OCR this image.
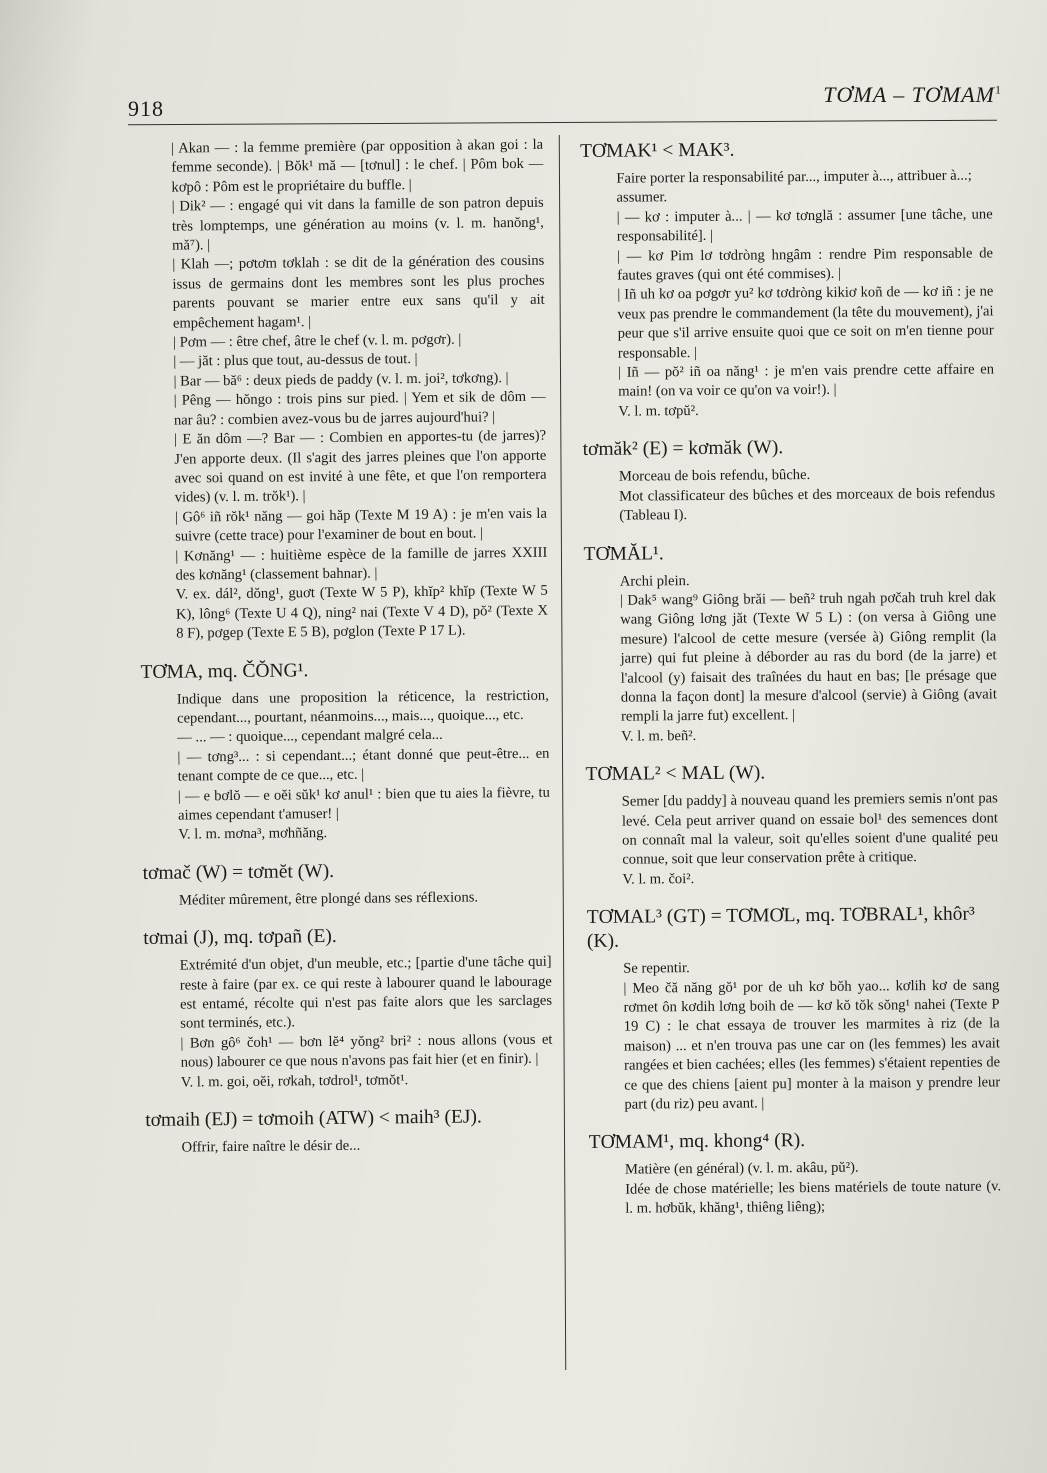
918
TƠMA – TƠMAM$^1$

| Akan — : la femme première (par opposition à akan goi : la femme seconde). | Bŏk¹ mă — [tơnul] : le chef. | Pôm bok — kơpô : Pôm est le propriétaire du buffle. |

| Dik² — : engagé qui vit dans la famille de son patron depuis très lomptemps, une génération au moins (v. l. m. hanŏng¹, mă⁷). |

| Klah —; pơtơm tơklah : se dit de la génération des cousins issus de germains dont les membres sont les plus proches parents pouvant se marier entre eux sans qu'il y ait empêchement hagam¹. |

| Pơm — : être chef, âtre le chef (v. l. m. pơgơr). |

| — jăt : plus que tout, au-dessus de tout. |

| Bar — bă⁶ : deux pieds de paddy (v. l. m. joi², tơkơng). |

| Pêng — hŏngo : trois pins sur pied. | Yem et sik de dôm — nar âu? : combien avez-vous bu de jarres aujourd'hui? |

| E ăn dôm —? Bar — : Combien en apportes-tu (de jarres)? J'en apporte deux. (Il s'agit des jarres pleines que l'on apporte avec soi quand on est invité à une fête, et que l'on remportera vides) (v. l. m. trŏk¹). |

| Gô⁶ iñ rŏk¹ năng — goi hăp (Texte M 19 A) : je m'en vais la suivre (cette trace) pour l'examiner de bout en bout. |

| Kơnăng¹ — : huitième espèce de la famille de jarres XXIII des kơnăng¹ (classement bahnar). |

V. ex. dál², dŏng¹, guơt (Texte W 5 P), khĭp² khĭp (Texte W 5 K), lông⁶ (Texte U 4 Q), ning² nai (Texte V 4 D), pŏ² (Texte X 8 F), pơgep (Texte E 5 B), pơglon (Texte P 17 L).

TƠMA, mq. ČŎNG¹.

Indique dans une proposition la réticence, la restriction, cependant..., pourtant, néanmoins..., mais..., quoique..., etc.

— ... — : quoique..., cependant malgré cela...

| — tơng³... : si cependant...; étant donné que peut-être... en tenant compte de ce que..., etc. |

| — e bơlŏ — e oĕi sŭk¹ kơ anul¹ : bien que tu aies la fièvre, tu aimes cependant t'amuser! |

V. l. m. mơna³, mơhñăng.

tơmač (W) = tơmĕt (W).

Méditer mûrement, être plongé dans ses réflexions.

tơmai (J), mq. tơpañ (E).

Extrémité d'un objet, d'un meuble, etc.; [partie d'une tâche qui] reste à faire (par ex. ce qui reste à labourer quand le labourage est entamé, récolte qui n'est pas faite alors que les sarclages sont terminés, etc.).

| Bơn gô⁶ čoh¹ — bơn lĕ⁴ yŏng² bri² : nous allons (vous et nous) labourer ce que nous n'avons pas fait hier (et en finir). |

V. l. m. goi, oĕi, rơkah, tơdrol¹, tơmŏt¹.

tơmaih (EJ) = tơmoih (ATW) < maih³ (EJ).

Offrir, faire naître le désir de...

TƠMAK¹ < MAK³.

Faire porter la responsabilité par..., imputer à..., attribuer à...;

assumer.

| — kơ : imputer à... | — kơ tơnglă : assumer [une tâche, une responsabilité]. |

| — kơ Pim lơ tơdròng hngâm : rendre Pim responsable de fautes graves (qui ont été commises). |

| Iñ uh kơ oa pơgơr yu² kơ tơdròng kikiơ koñ de — kơ iñ : je ne veux pas prendre le commandement (la tête du mouvement), j'ai peur que s'il arrive ensuite quoi que ce soit on m'en tienne pour responsable. |

| Iñ — pŏ² iñ oa năng¹ : je m'en vais prendre cette affaire en main! (on va voir ce qu'on va voir!). |

V. l. m. tơpŭ².

tơmăk² (E) = kơmăk (W).

Morceau de bois refendu, bûche.

Mot classificateur des bûches et des morceaux de bois refendus (Tableau I).

TƠMĂL¹.

Archi plein.

| Dak⁵ wang⁹ Giông brăi — beñ² truh ngah pơčah truh krel dak wang Giông lơng jăt (Texte W 5 L) : (on versa à Giông une mesure) l'alcool de cette mesure (versée à) Giông remplit (la jarre) qui fut pleine à déborder au ras du bord (de la jarre) et l'alcool (y) faisait des traînées du haut en bas; [le présage que donna la façon dont] la mesure d'alcool (servie) à Giông (avait rempli la jarre fut) excellent. |

V. l. m. beñ².

TƠMAL² < MAL (W).

Semer [du paddy] à nouveau quand les premiers semis n'ont pas levé. Cela peut arriver quand on essaie bol¹ des semences dont on connaît mal la valeur, soit qu'elles soient d'une qualité peu connue, soit que leur conservation prête à critique.

V. l. m. čoi².

TƠMAL³ (GT) = TƠMƠL, mq. TƠBRAL¹, khôr³ (K).

Se repentir.

| Meo čă năng gŏ¹ por de uh kơ bŏh yao... kơlih kơ de sang rơmet ôn kơdih lơng boih de — kơ kŏ tŏk sŏng¹ nahei (Texte P 19 C) : le chat essaya de trouver les marmites à riz (de la maison) ... et n'en trouva pas une car on (les femmes) les avait rangées et bien cachées; elles (les femmes) s'étaient repenties de ce que des chiens [aient pu] monter à la maison y prendre leur part (du riz) peu avant. |

TƠMAM¹, mq. khong⁴ (R).

Matière (en général) (v. l. m. akâu, pŭ²).

Idée de chose matérielle; les biens matériels de toute nature (v. l. m. hơbŭk, khăng¹, thiêng liêng);
